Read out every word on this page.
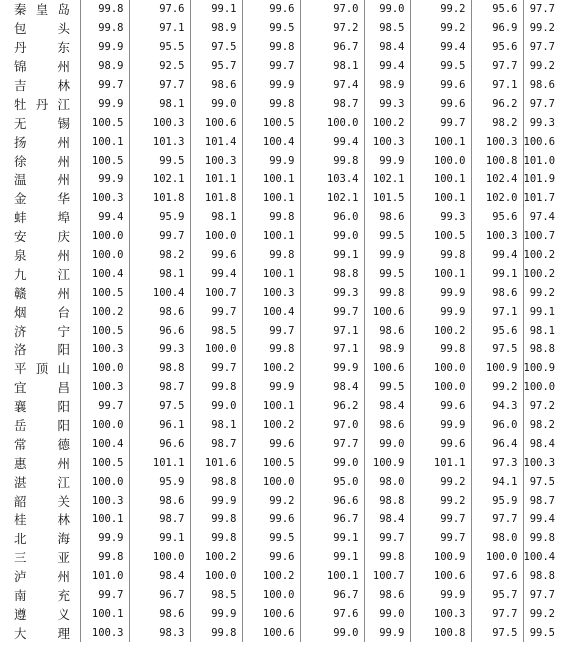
秦 皇 岛	99.8	97.6	99.1	99.6	97.0	99.0	99.2	95.6	97.7

包 头	99.8	97.1	98.9	99.5	97.2	98.5	99.2	96.9	99.2

丹 东	99.9	95.5	97.5	99.8	96.7	98.4	99.4	95.6	97.7

锦 州	98.9	92.5	95.7	99.7	98.1	99.4	99.5	97.7	99.2

吉 林	99.7	97.7	98.6	99.9	97.4	98.9	99.6	97.1	98.6

牡 丹 江	99.9	98.1	99.0	99.8	98.7	99.3	99.6	96.2	97.7

无 锡	100.5	100.3	100.6	100.5	100.0	100.2	99.7	98.2	99.3

扬 州	100.1	101.3	101.4	100.4	99.4	100.3	100.1	100.3	100.6

徐 州	100.5	99.5	100.3	99.9	99.8	99.9	100.0	100.8	101.0

温 州	99.9	102.1	101.1	100.1	103.4	102.1	100.1	102.4	101.9

金 华	100.3	101.8	101.8	100.1	102.1	101.5	100.1	102.0	101.7

蚌 埠	99.4	95.9	98.1	99.8	96.0	98.6	99.3	95.6	97.4

安 庆	100.0	99.7	100.0	100.1	99.0	99.5	100.5	100.3	100.7

泉 州	100.0	98.2	99.6	99.8	99.1	99.9	99.8	99.4	100.2

九 江	100.4	98.1	99.4	100.1	98.8	99.5	100.1	99.1	100.2

赣 州	100.5	100.4	100.7	100.3	99.3	99.8	99.9	98.6	99.2

烟 台	100.2	98.6	99.7	100.4	99.7	100.6	99.9	97.1	99.1

济 宁	100.5	96.6	98.5	99.7	97.1	98.6	100.2	95.6	98.1

洛 阳	100.3	99.3	100.0	99.8	97.1	98.9	99.8	97.5	98.8

平 顶 山	100.0	98.8	99.7	100.2	99.9	100.6	100.0	100.9	100.9

宜 昌	100.3	98.7	99.8	99.9	98.4	99.5	100.0	99.2	100.0

襄 阳	99.7	97.5	99.0	100.1	96.2	98.4	99.6	94.3	97.2

岳 阳	100.0	96.1	98.1	100.2	97.0	98.6	99.9	96.0	98.2

常 德	100.4	96.6	98.7	99.6	97.7	99.0	99.6	96.4	98.4

惠 州	100.5	101.1	101.6	100.5	99.0	100.9	101.1	97.3	100.3

湛 江	100.0	95.9	98.8	100.0	95.0	98.0	99.2	94.1	97.5

韶 关	100.3	98.6	99.9	99.2	96.6	98.8	99.2	95.9	98.7

桂 林	100.1	98.7	99.8	99.6	96.7	98.4	99.7	97.7	99.4

北 海	99.9	99.1	99.8	99.5	99.1	99.7	99.7	98.0	99.8

三 亚	99.8	100.0	100.2	99.6	99.1	99.8	100.9	100.0	100.4

泸 州	101.0	98.4	100.0	100.2	100.1	100.7	100.6	97.6	98.8

南 充	99.7	96.7	98.5	100.0	96.7	98.6	99.9	95.7	97.7

遵 义	100.1	98.6	99.9	100.6	97.6	99.0	100.3	97.7	99.2

大 理	100.3	98.3	99.8	100.6	99.0	99.9	100.8	97.5	99.5
